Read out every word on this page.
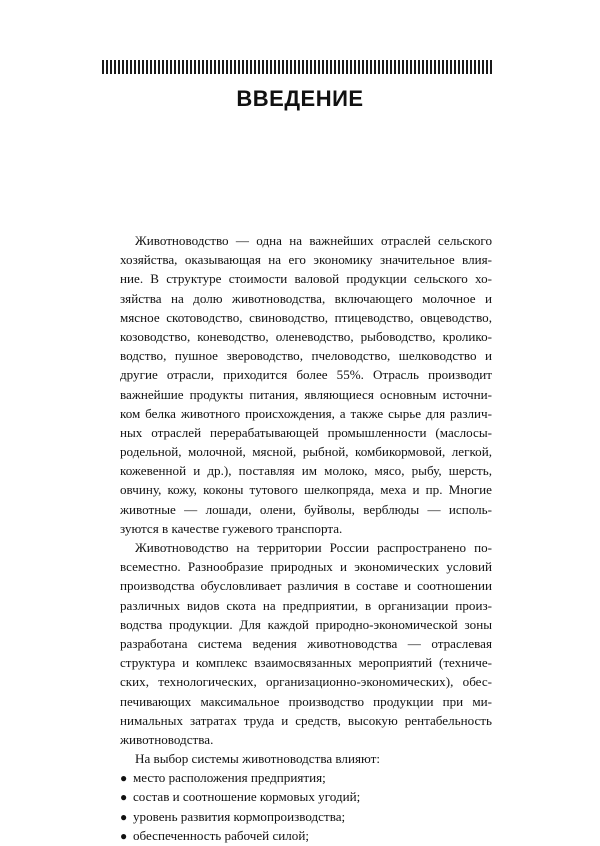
ВВЕДЕНИЕ
Животноводство — одна на важнейших отраслей сельского
хозяйства, оказывающая на его экономику значительное влия-
ние. В структуре стоимости валовой продукции сельского хо-
зяйства на долю животноводства, включающего молочное и
мясное скотоводство, свиноводство, птицеводство, овцеводство,
козоводство, коневодство, оленеводство, рыбоводство, кролико-
водство, пушное звероводство, пчеловодство, шелководство и
другие отрасли, приходится более 55%. Отрасль производит
важнейшие продукты питания, являющиеся основным источни-
ком белка животного происхождения, а также сырье для различ-
ных отраслей перерабатывающей промышленности (маслосы-
родельной, молочной, мясной, рыбной, комбикормовой, легкой,
кожевенной и др.), поставляя им молоко, мясо, рыбу, шерсть,
овчину, кожу, коконы тутового шелкопряда, меха и пр. Многие
животные — лошади, олени, буйволы, верблюды — исполь-
зуются в качестве гужевого транспорта.
Животноводство на территории России распространено по-
всеместно. Разнообразие природных и экономических условий
производства обусловливает различия в составе и соотношении
различных видов скота на предприятии, в организации произ-
водства продукции. Для каждой природно-экономической зоны
разработана система ведения животноводства — отраслевая
структура и комплекс взаимосвязанных мероприятий (техниче-
ских, технологических, организационно-экономических), обес-
печивающих максимальное производство продукции при ми-
нимальных затратах труда и средств, высокую рентабельность
животноводства.
На выбор системы животноводства влияют:
● место расположения предприятия;
● состав и соотношение кормовых угодий;
● уровень развития кормопроизводства;
● обеспеченность рабочей силой;
